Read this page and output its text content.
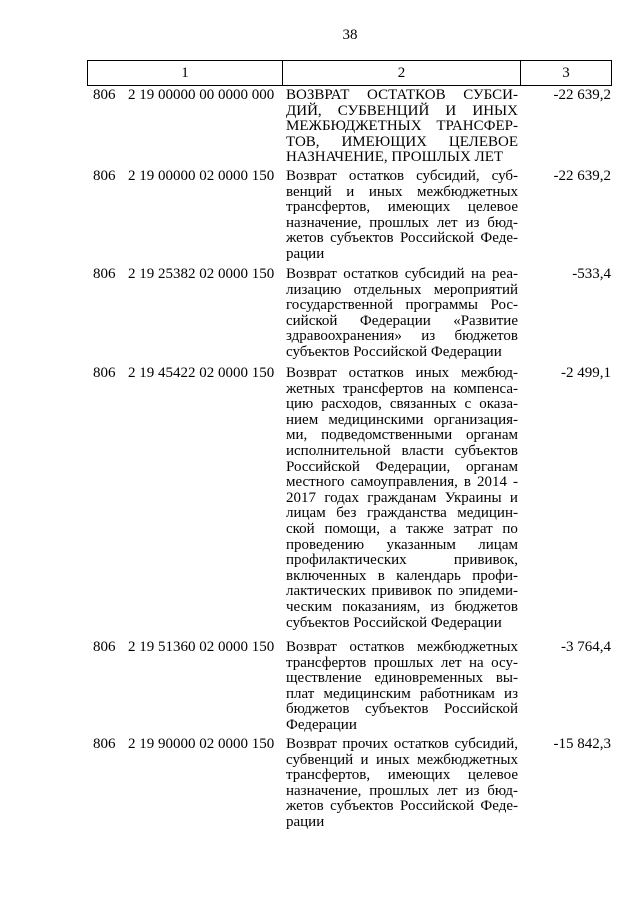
38
1	2	3
806 2 19 00000 00 0000 000 ВОЗВРАТ ОСТАТКОВ СУБСИ-
ДИЙ, СУБВЕНЦИЙ И ИНЫХ
МЕЖБЮДЖЕТНЫХ ТРАНСФЕР-
ТОВ, ИМЕЮЩИХ ЦЕЛЕВОЕ
НАЗНАЧЕНИЕ, ПРОШЛЫХ ЛЕТ
-22 639,2
806 2 19 00000 02 0000 150 Возврат остатков субсидий, суб-
венций и иных межбюджетных
трансфертов, имеющих целевое
назначение, прошлых лет из бюд-
жетов субъектов Российской Феде-
рации
-22 639,2
806 2 19 25382 02 0000 150 Возврат остатков субсидий на реа-
лизацию отдельных мероприятий
государственной программы Рос-
сийской Федерации «Развитие
здравоохранения» из бюджетов
субъектов Российской Федерации
-533,4
806 2 19 45422 02 0000 150 Возврат остатков иных межбюд-
жетных трансфертов на компенса-
цию расходов, связанных с оказа-
нием медицинскими организация-
ми, подведомственными органам
исполнительной власти субъектов
Российской Федерации, органам
местного самоуправления, в 2014 -
2017 годах гражданам Украины и
лицам без гражданства медицин-
ской помощи, а также затрат по
проведению указанным лицам
профилактических	прививок,
включенных в календарь профи-
лактических прививок по эпидеми-
ческим показаниям, из бюджетов
субъектов Российской Федерации
-2 499,1
806 2 19 51360 02 0000 150 Возврат остатков межбюджетных
трансфертов прошлых лет на осу-
ществление единовременных вы-
плат медицинским работникам из
бюджетов субъектов Российской
Федерации
-3 764,4
806 2 19 90000 02 0000 150 Возврат прочих остатков субсидий,
субвенций и иных межбюджетных
трансфертов, имеющих целевое
назначение, прошлых лет из бюд-
жетов субъектов Российской Феде-
рации
-15 842,3
